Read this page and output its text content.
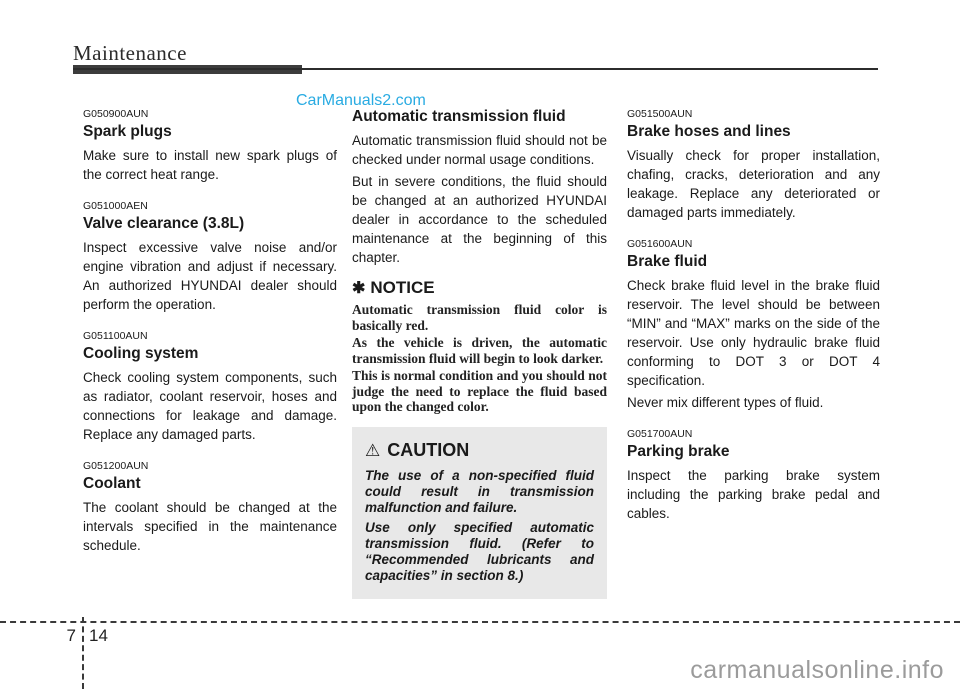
Maintenance
CarManuals2.com
G050900AUN
Spark plugs

Make sure to install new spark plugs of the correct heat range.

G051000AEN
Valve clearance (3.8L)

Inspect excessive valve noise and/or engine vibration and adjust if necessary. An authorized HYUNDAI dealer should perform the operation.

G051100AUN
Cooling system

Check cooling system components, such as radiator, coolant reservoir, hoses and connections for leakage and damage. Replace any damaged parts.

G051200AUN
Coolant

The coolant should be changed at the intervals specified in the maintenance schedule.

Automatic transmission fluid

Automatic transmission fluid should not be checked under normal usage conditions.

But in severe conditions, the fluid should be changed at an authorized HYUNDAI dealer in accordance to the scheduled maintenance at the beginning of this chapter.

✱ NOTICE

Automatic transmission fluid color is basically red.

As the vehicle is driven, the automatic transmission fluid will begin to look darker.

This is normal condition and you should not judge the need to replace the fluid based upon the changed color.

⚠ CAUTION

The use of a non-specified fluid could result in transmission malfunction and failure.

Use only specified automatic transmission fluid. (Refer to “Recommended lubricants and capacities” in section 8.)

G051500AUN
Brake hoses and lines

Visually check for proper installation, chafing, cracks, deterioration and any leakage. Replace any deteriorated or damaged parts immediately.

G051600AUN
Brake fluid

Check brake fluid level in the brake fluid reservoir. The level should be between “MIN” and “MAX” marks on the side of the reservoir. Use only hydraulic brake fluid conforming to DOT 3 or DOT 4 specification.

Never mix different types of fluid.

G051700AUN
Parking brake

Inspect the parking brake system including the parking brake pedal and cables.

7 14
carmanualsonline.info
